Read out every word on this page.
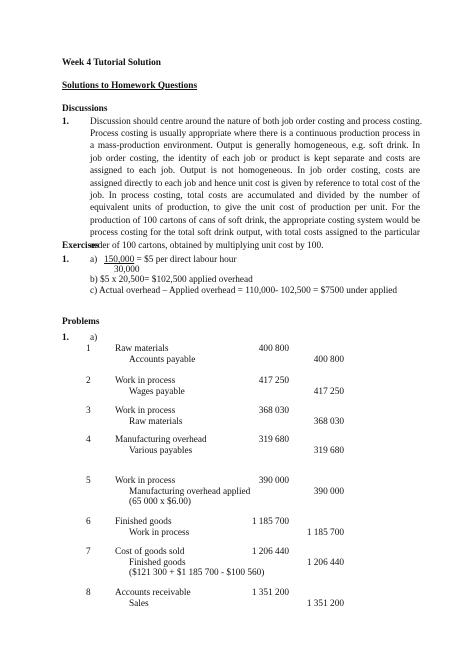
Week 4 Tutorial Solution
Solutions to Homework Questions
Discussions
1. Discussion should centre around the nature of both job order costing and process costing.
Process costing is usually appropriate where there is a continuous production process in a mass-production environment. Output is generally homogeneous, e.g. soft drink. In job order costing, the identity of each job or product is kept separate and costs are assigned to each job. Output is not homogeneous. In job order costing, costs are assigned directly to each job and hence unit cost is given by reference to total cost of the job. In process costing, total costs are accumulated and divided by the number of equivalent units of production, to give the unit cost of production per unit. For the production of 100 cartons of cans of soft drink, the appropriate costing system would be process costing for the total soft drink output, with total costs assigned to the particular order of 100 cartons, obtained by multiplying unit cost by 100.
Exercises
1. a) 150,000 = $5 per direct labour hour
30,000
b) $5 x 20,500= $102,500 applied overhead
c) Actual overhead – Applied overhead = 110,000- 102,500 = $7500 under applied
Problems
1. a)
1	Raw materials	400 800
Accounts payable	400 800
2	Work in process	417 250
Wages payable	417 250
3	Work in process	368 030
Raw materials	368 030
4	Manufacturing overhead	319 680
Various payables	319 680
5	Work in process	390 000
Manufacturing overhead applied	390 000
(65 000 x $6.00)
6	Finished goods	1 185 700
Work in process	1 185 700
7	Cost of goods sold	1 206 440
Finished goods	1 206 440
($121 300 + $1 185 700 - $100 560)
8	Accounts receivable	1 351 200
Sales	1 351 200
